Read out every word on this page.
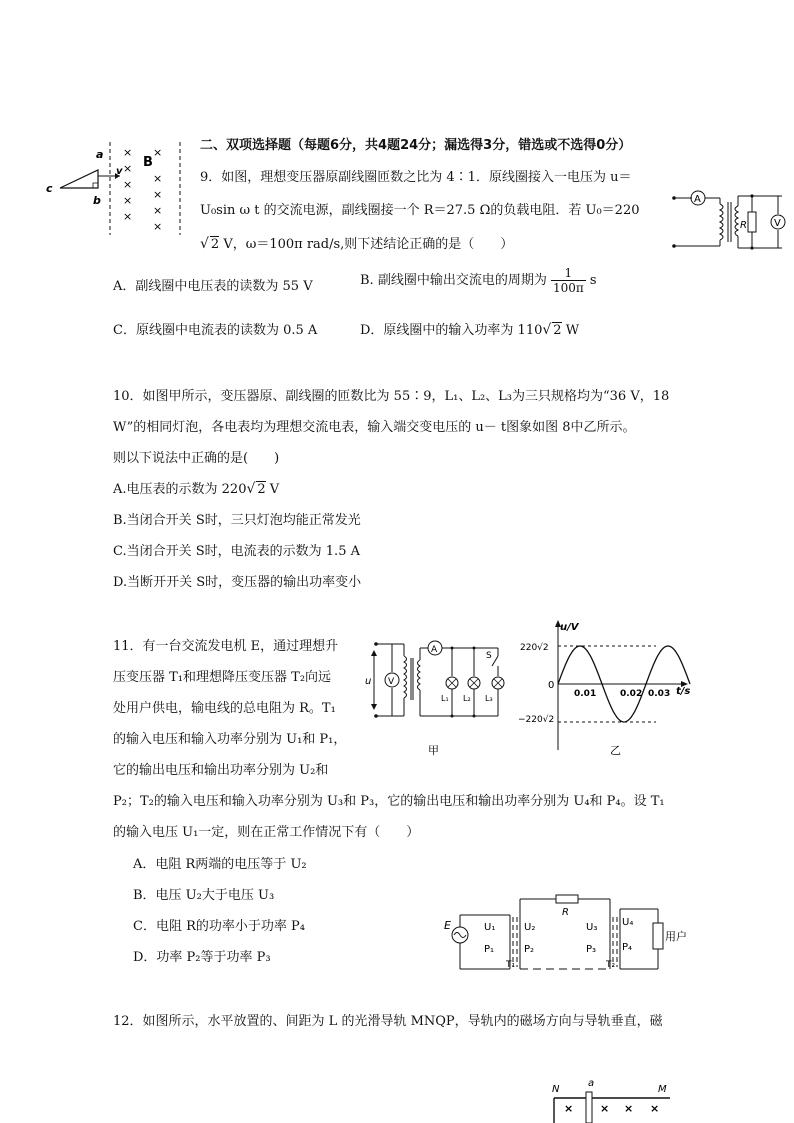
a
b
c
v
B
× ×
×
×
×
×
×
×
×
×
二、双项选择题（每题6分，共4题24分；漏选得3分，错选或不选得0分）
9．如图，理想变压器原副线圈匝数之比为 4∶1．原线圈接入一电压为 u＝
U₀sin ω t 的交流电源，副线圈接一个 R＝27.5 Ω的负载电阻．若 U₀＝220
√ 2 V，ω＝100π rad/s,则下述结论正确的是（　　）
A
R	V
A．副线圈中电压表的读数为 55 V	B. 副线圈中输出交流电的周期为 $\frac{1}{100\pi}$ s
C．原线圈中电流表的读数为 0.5 A	D．原线圈中的输入功率为 110√ 2 W
10．如图甲所示，变压器原、副线圈的匝数比为 55∶9，L₁、L₂、L₃为三只规格均为“36 V，18
W”的相同灯泡，各电表均为理想交流电表，输入端交变电压的 u－ t图象如图 8中乙所示。
则以下说法中正确的是(　　)
A.电压表的示数为 220√ 2 V
B.当闭合开关 S时，三只灯泡均能正常发光
C.当闭合开关 S时，电流表的示数为 1.5 A
D.当断开开关 S时，变压器的输出功率变小
11．有一台交流发电机 E，通过理想升
压变压器 T₁和理想降压变压器 T₂向远
处用户供电，输电线的总电阻为 R。T₁
的输入电压和输入功率分别为 U₁和 P₁，
它的输出电压和输出功率分别为 U₂和
P₂；T₂的输入电压和输入功率分别为 U₃和 P₃，它的输出电压和输出功率分别为 U₄和 P₄。设 T₁
的输入电压 U₁一定，则在正常工作情况下有（　　）
A．电阻 R两端的电压等于 U₂
B．电压 U₂大于电压 U₃
C．电阻 R的功率小于功率 P₄
D．功率 P₂等于功率 P₃
u V
A
L₁ L₂
S
L₃
甲
u/V
t/s
220√2
−220√2
0
0.01	0.02 0.03
乙
E
R
用户
U₁
P₁
U₂
P₂
U₃
P₃
U₄
P₄
T₁	T₂
12．如图所示，水平放置的、间距为 L 的光滑导轨 MNQP，导轨内的磁场方向与导轨垂直，磁
N
a
M
× × × ×
